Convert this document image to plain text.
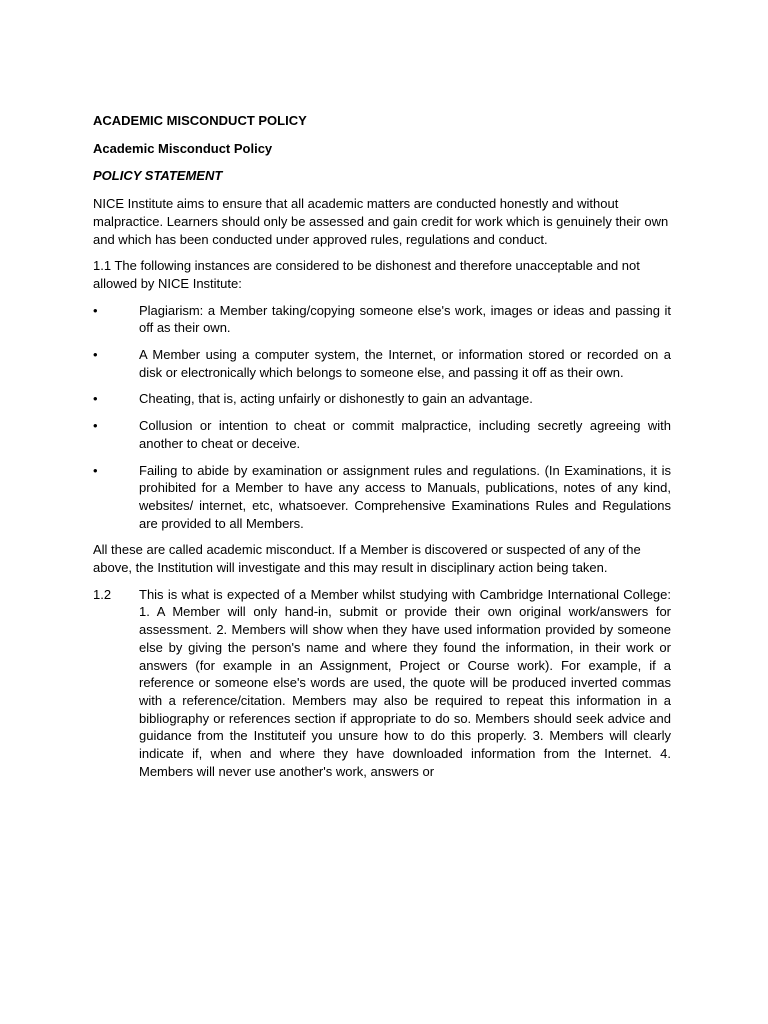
ACADEMIC MISCONDUCT POLICY

Academic Misconduct Policy

POLICY STATEMENT

NICE Institute aims to ensure that all academic matters are conducted honestly and without malpractice. Learners should only be assessed and gain credit for work which is genuinely their own and which has been conducted under approved rules, regulations and conduct.

1.1 The following instances are considered to be dishonest and therefore unacceptable and not allowed by NICE Institute:

•	Plagiarism: a Member taking/copying someone else's work, images or ideas and passing it off as their own.

•	A Member using a computer system, the Internet, or information stored or recorded on a disk or electronically which belongs to someone else, and passing it off as their own.

•	Cheating, that is, acting unfairly or dishonestly to gain an advantage.

•	Collusion or intention to cheat or commit malpractice, including secretly agreeing with another to cheat or deceive.

•	Failing to abide by examination or assignment rules and regulations. (In Examinations, it is prohibited for a Member to have any access to Manuals, publications, notes of any kind, websites/ internet, etc, whatsoever. Comprehensive Examinations Rules and Regulations are provided to all Members.

All these are called academic misconduct. If a Member is discovered or suspected of any of the above, the Institution will investigate and this may result in disciplinary action being taken.

1.2	This is what is expected of a Member whilst studying with Cambridge International College: 1. A Member will only hand-in, submit or provide their own original work/answers for assessment. 2. Members will show when they have used information provided by someone else by giving the person's name and where they found the information, in their work or answers (for example in an Assignment, Project or Course work). For example, if a reference or someone else's words are used, the quote will be produced inverted commas with a reference/citation. Members may also be required to repeat this information in a bibliography or references section if appropriate to do so. Members should seek advice and guidance from the Instituteif you unsure how to do this properly. 3. Members will clearly indicate if, when and where they have downloaded information from the Internet. 4. Members will never use another's work, answers or
